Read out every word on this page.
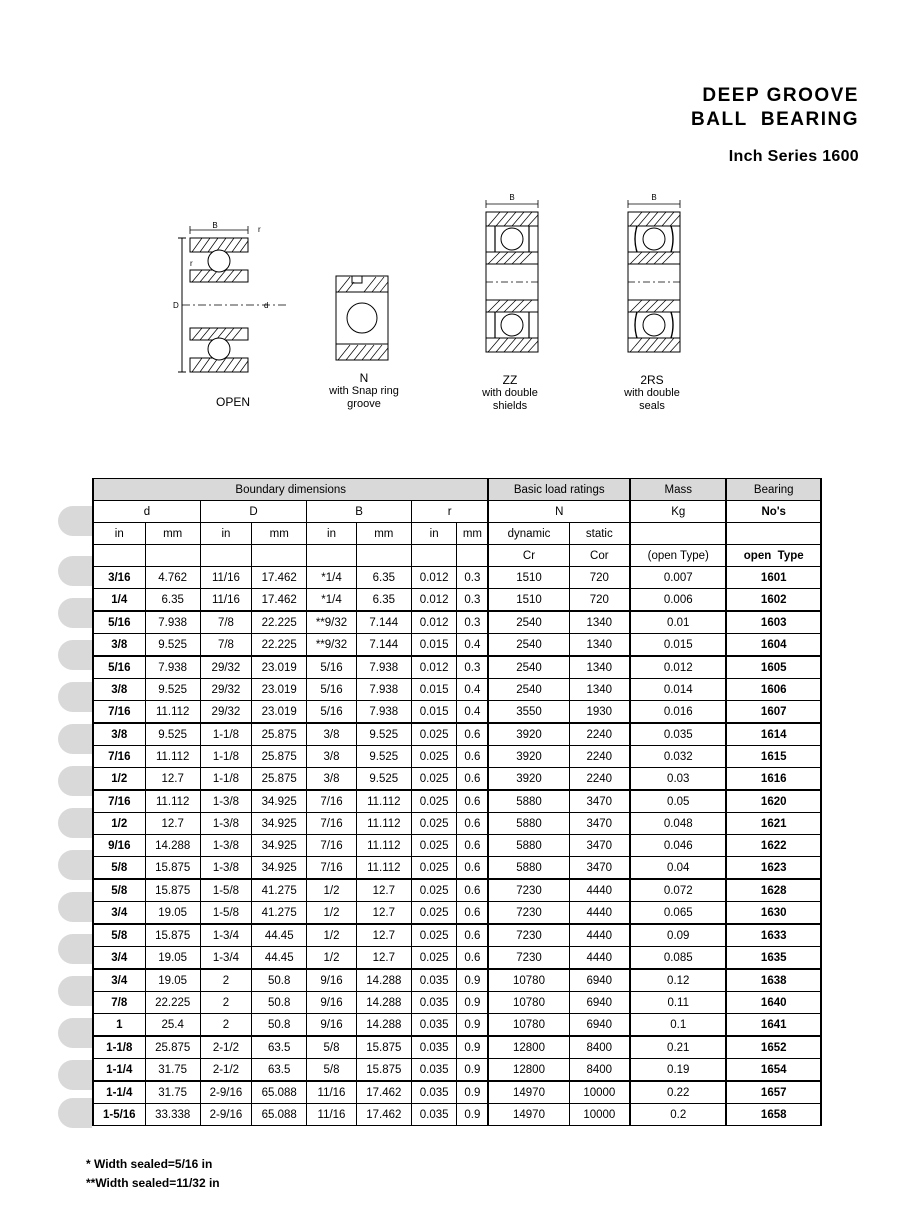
DEEP GROOVE
BALL  BEARING
Inch Series 1600
B	r
r
D	d
OPEN
N
with Snap ring
groove
B
ZZ
with double
shields
B
2RS
with double
seals
Boundary dimensions								Basic load ratings		Mass	Bearing
d		D		B		r		N		Kg	No's
in	mm	in	mm	in	mm	in	mm	dynamic	static		

								Cr	Cor	(open Type)	open Type
3/16	4.762	11/16	17.462	*1/4	6.35	0.012	0.3	1510	720	0.007	1601
1/4	6.35	11/16	17.462	*1/4	6.35	0.012	0.3	1510	720	0.006	1602
5/16	7.938	7/8	22.225	**9/32	7.144	0.012	0.3	2540	1340	0.01	1603
3/8	9.525	7/8	22.225	**9/32	7.144	0.015	0.4	2540	1340	0.015	1604
5/16	7.938	29/32	23.019	5/16	7.938	0.012	0.3	2540	1340	0.012	1605
3/8	9.525	29/32	23.019	5/16	7.938	0.015	0.4	2540	1340	0.014	1606
7/16	11.112	29/32	23.019	5/16	7.938	0.015	0.4	3550	1930	0.016	1607
3/8	9.525	1-1/8	25.875	3/8	9.525	0.025	0.6	3920	2240	0.035	1614
7/16	11.112	1-1/8	25.875	3/8	9.525	0.025	0.6	3920	2240	0.032	1615
1/2	12.7	1-1/8	25.875	3/8	9.525	0.025	0.6	3920	2240	0.03	1616
7/16	11.112	1-3/8	34.925	7/16	11.112	0.025	0.6	5880	3470	0.05	1620
1/2	12.7	1-3/8	34.925	7/16	11.112	0.025	0.6	5880	3470	0.048	1621
9/16	14.288	1-3/8	34.925	7/16	11.112	0.025	0.6	5880	3470	0.046	1622
5/8	15.875	1-3/8	34.925	7/16	11.112	0.025	0.6	5880	3470	0.04	1623
5/8	15.875	1-5/8	41.275	1/2	12.7	0.025	0.6	7230	4440	0.072	1628
3/4	19.05	1-5/8	41.275	1/2	12.7	0.025	0.6	7230	4440	0.065	1630
5/8	15.875	1-3/4	44.45	1/2	12.7	0.025	0.6	7230	4440	0.09	1633
3/4	19.05	1-3/4	44.45	1/2	12.7	0.025	0.6	7230	4440	0.085	1635
3/4	19.05	2	50.8	9/16	14.288	0.035	0.9	10780	6940	0.12	1638
7/8	22.225	2	50.8	9/16	14.288	0.035	0.9	10780	6940	0.11	1640
1	25.4	2	50.8	9/16	14.288	0.035	0.9	10780	6940	0.1	1641
1-1/8	25.875	2-1/2	63.5	5/8	15.875	0.035	0.9	12800	8400	0.21	1652
1-1/4	31.75	2-1/2	63.5	5/8	15.875	0.035	0.9	12800	8400	0.19	1654
1-1/4	31.75	2-9/16	65.088	11/16	17.462	0.035	0.9	14970	10000	0.22	1657
1-5/16	33.338	2-9/16	65.088	11/16	17.462	0.035	0.9	14970	10000	0.2	1658
* Width sealed=5/16 in
**Width sealed=11/32 in
